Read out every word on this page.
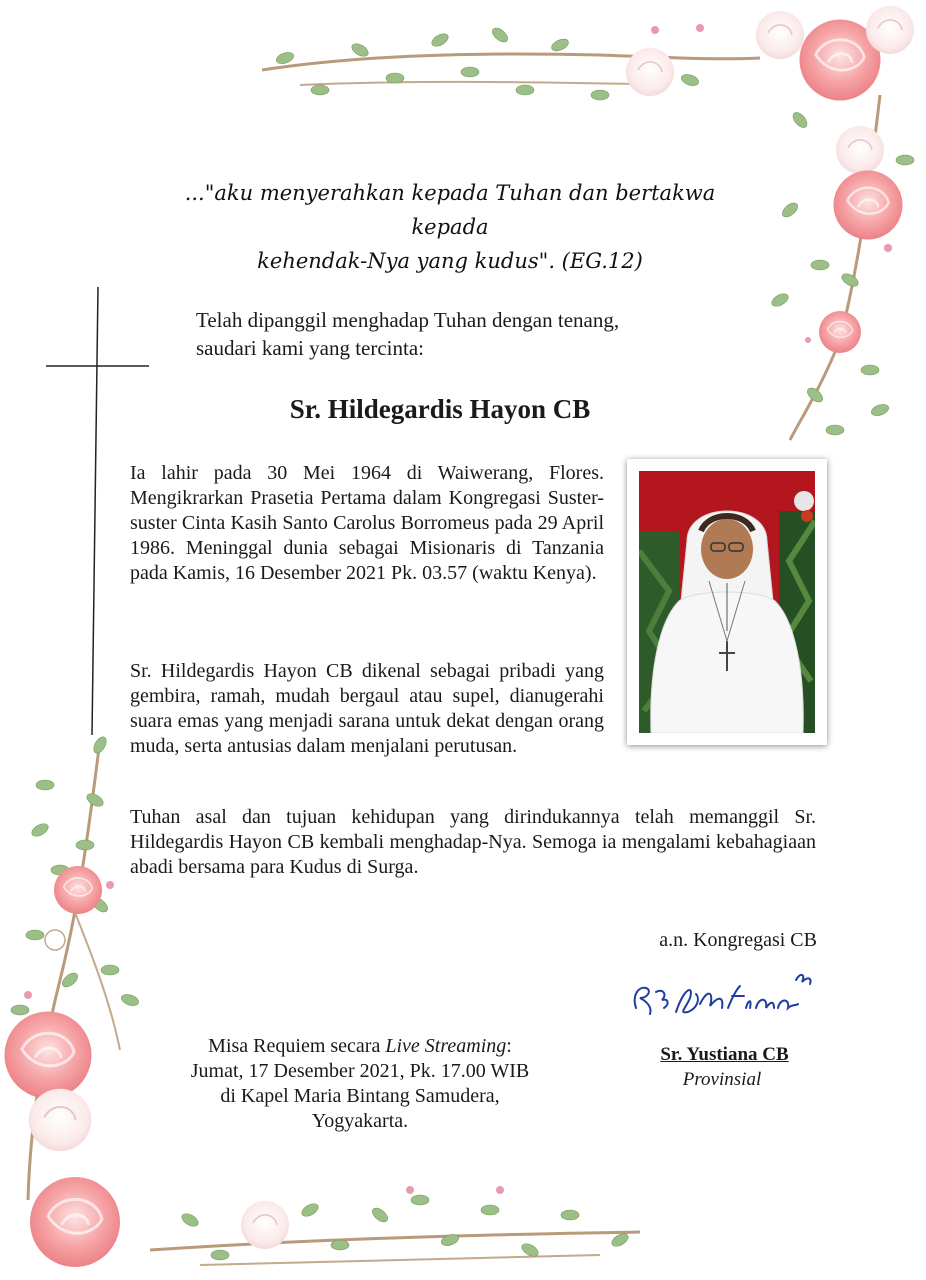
..."aku menyerahkan kepada Tuhan dan bertakwa kepada
kehendak-Nya yang kudus". (EG.12)
Telah dipanggil menghadap Tuhan dengan tenang,
saudari kami yang tercinta:
Sr. Hildegardis Hayon CB
Ia lahir pada 30 Mei 1964 di Waiwerang, Flores. Mengikrarkan Prasetia Pertama dalam Kongregasi Suster-suster Cinta Kasih Santo Carolus Borromeus pada 29 April 1986. Meninggal dunia sebagai Misionaris di Tanzania pada Kamis, 16 Desember 2021 Pk. 03.57 (waktu Kenya).
Sr. Hildegardis Hayon CB dikenal sebagai pribadi yang gembira, ramah, mudah bergaul atau supel, dianugerahi suara emas yang menjadi sarana untuk dekat dengan orang muda, serta antusias dalam menjalani perutusan.
Tuhan asal dan tujuan kehidupan yang dirindukannya telah memanggil Sr. Hildegardis Hayon CB kembali menghadap-Nya. Semoga ia mengalami kebahagiaan abadi bersama para Kudus di Surga.
a.n. Kongregasi CB
Sr. Yustiana CB
Provinsial
Misa Requiem secara Live Streaming:
Jumat, 17 Desember 2021, Pk. 17.00 WIB
di Kapel Maria Bintang Samudera,
Yogyakarta.
